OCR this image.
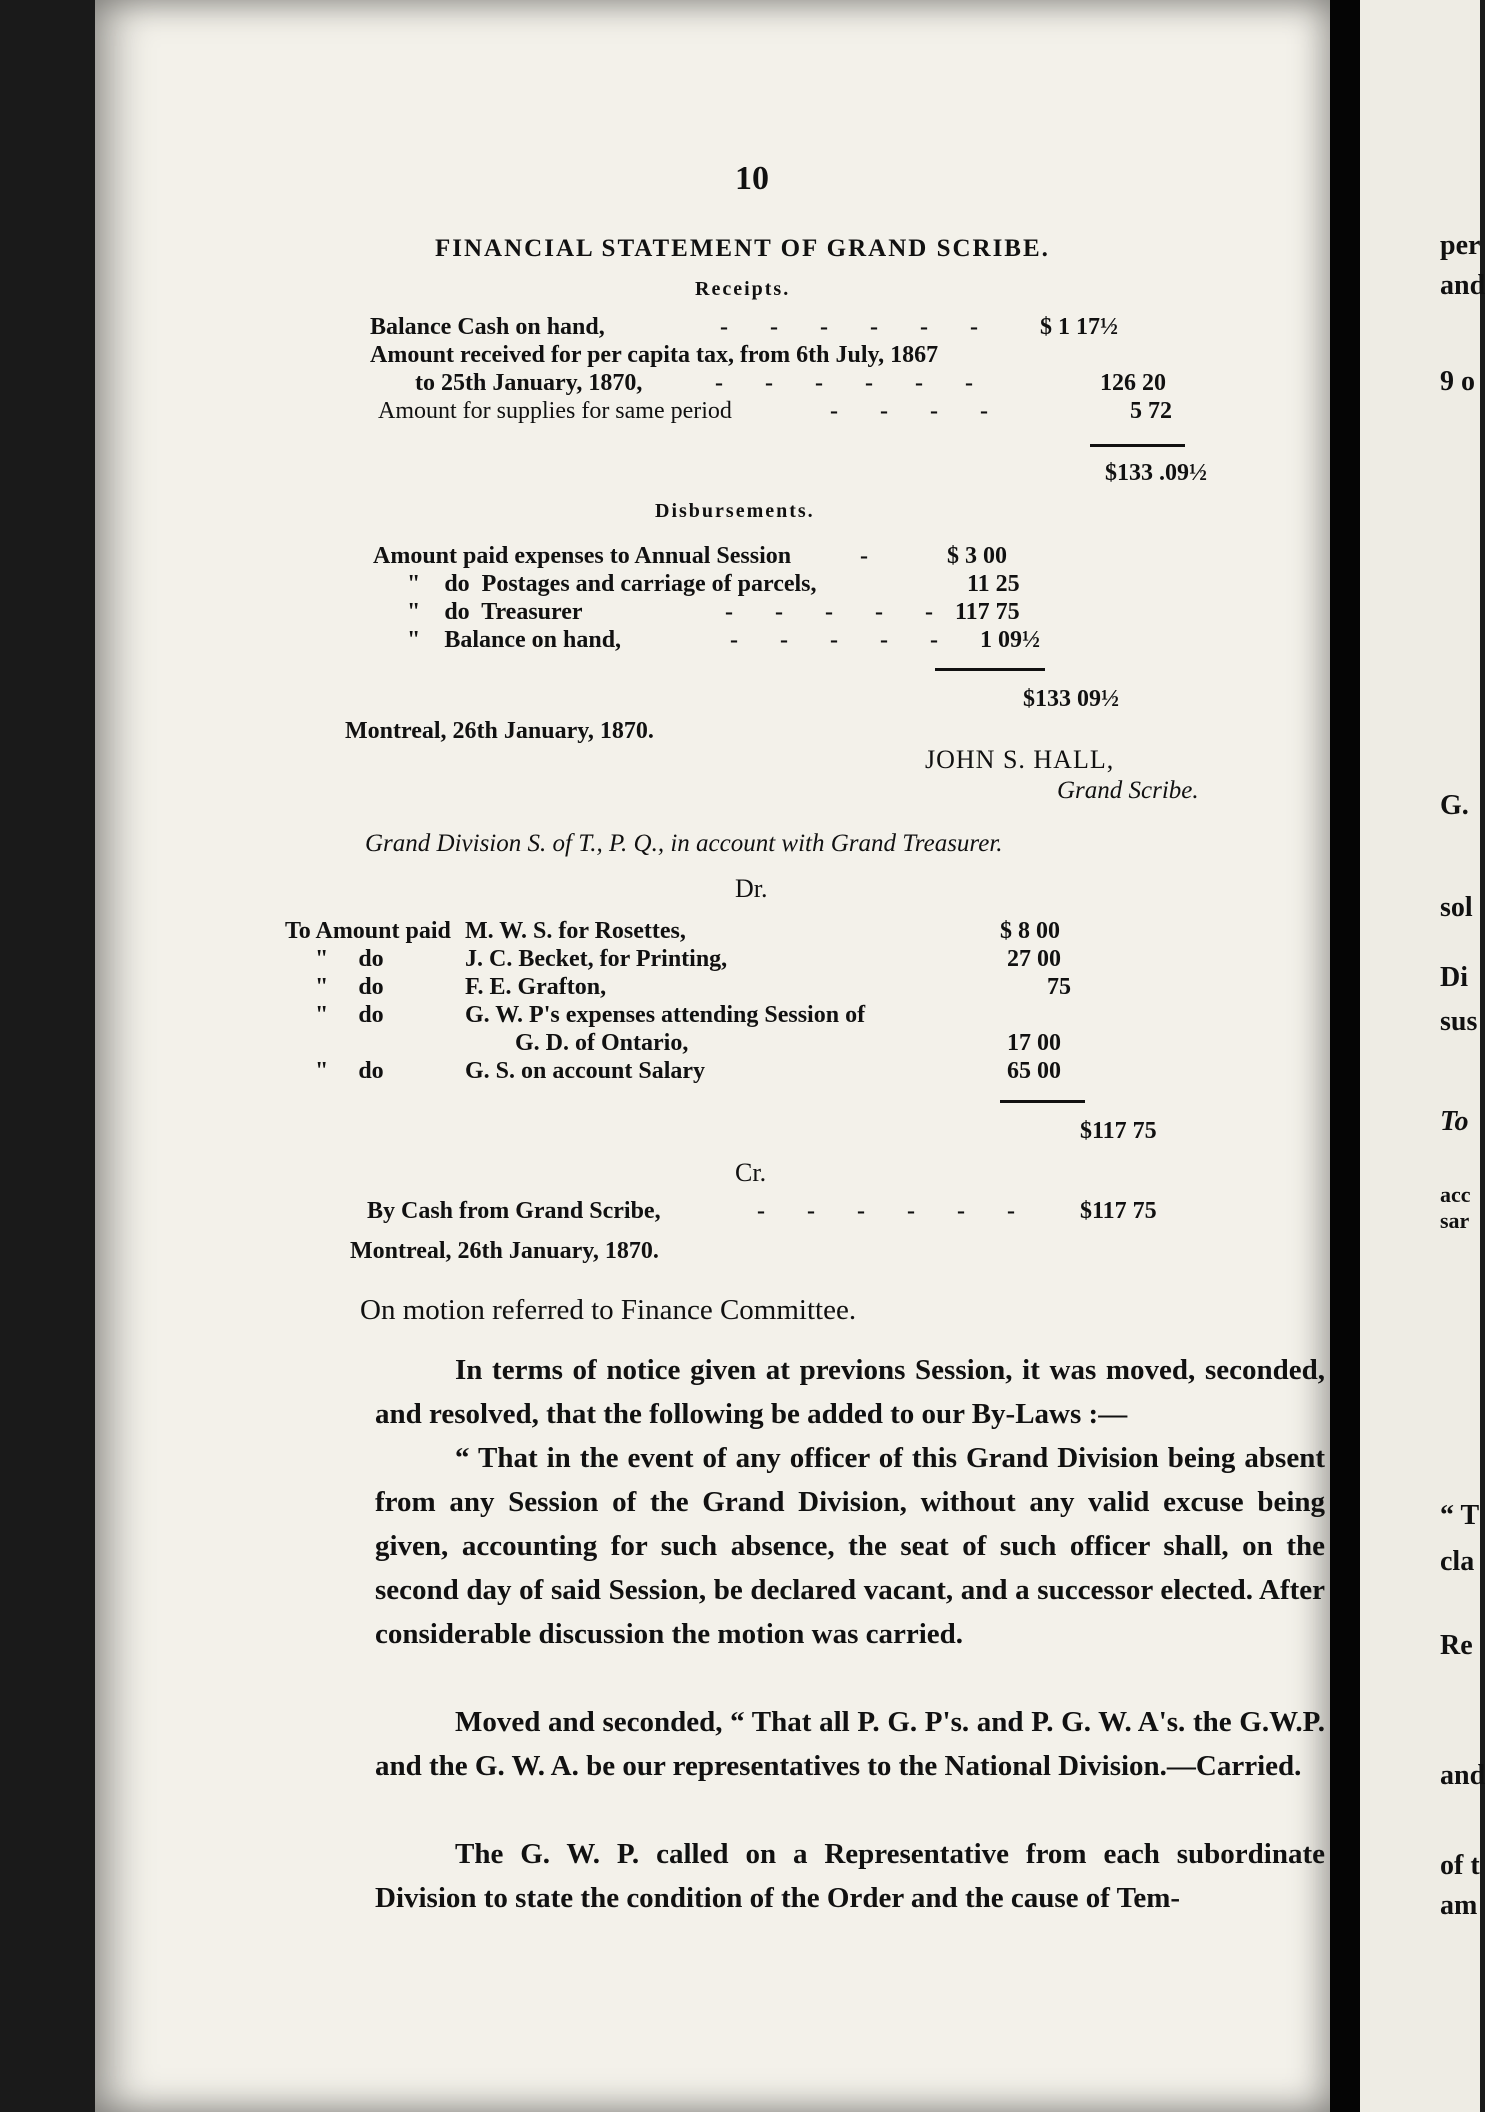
10
FINANCIAL STATEMENT OF GRAND SCRIBE.
Receipts.
Balance Cash on hand,	- - - - - - $ 1 17½
Amount received for per capita tax, from 6th July, 1867
to 25th January, 1870,	- - - - - -	126 20
Amount for supplies for same period	- - - -	5 72
$133 .09½
Disbursements.
Amount paid expenses to Annual Session	-	$ 3 00
"    do  Postages and carriage of parcels,	11 25
"    do  Treasurer	- - - - - 117 75
"    Balance on hand,	- - - - - 1 09½
$133 09½
Montreal, 26th January, 1870.
JOHN S. HALL,
Grand Scribe.
Grand Division S. of T., P. Q., in account with Grand Treasurer.
Dr.
To Amount paid M. W. S. for Rosettes,	$ 8 00
"     do	J. C. Becket, for Printing,	27 00
"     do	F. E. Grafton,	75
"     do	G. W. P's expenses attending Session of
G. D. of Ontario,	17 00
"     do	G. S. on account Salary	65 00
$117 75
Cr.
By Cash from Grand Scribe,	- - - - - - $117 75
Montreal, 26th January, 1870.
On motion referred to Finance Committee.
In terms of notice given at previons Session, it was moved, seconded, and resolved, that the following be added to our By-Laws :—
“ That in the event of any officer of this Grand Division being absent from any Session of the Grand Division, without any valid excuse being given, accounting for such absence, the seat of such officer shall, on the second day of said Session, be declared vacant, and a successor elected. After considerable discussion the motion was carried.
Moved and seconded, “ That all P. G. P's. and P. G. W. A's. the G.W.P. and the G. W. A. be our representatives to the National Division.—Carried.
The G. W. P. called on a Representative from each subordinate Division to state the condition of the Order and the cause of Tem-
per
and
9 o
G.
sol
Di
sus
To
acc
sar
“ T
cla
Re
and
of t
am
